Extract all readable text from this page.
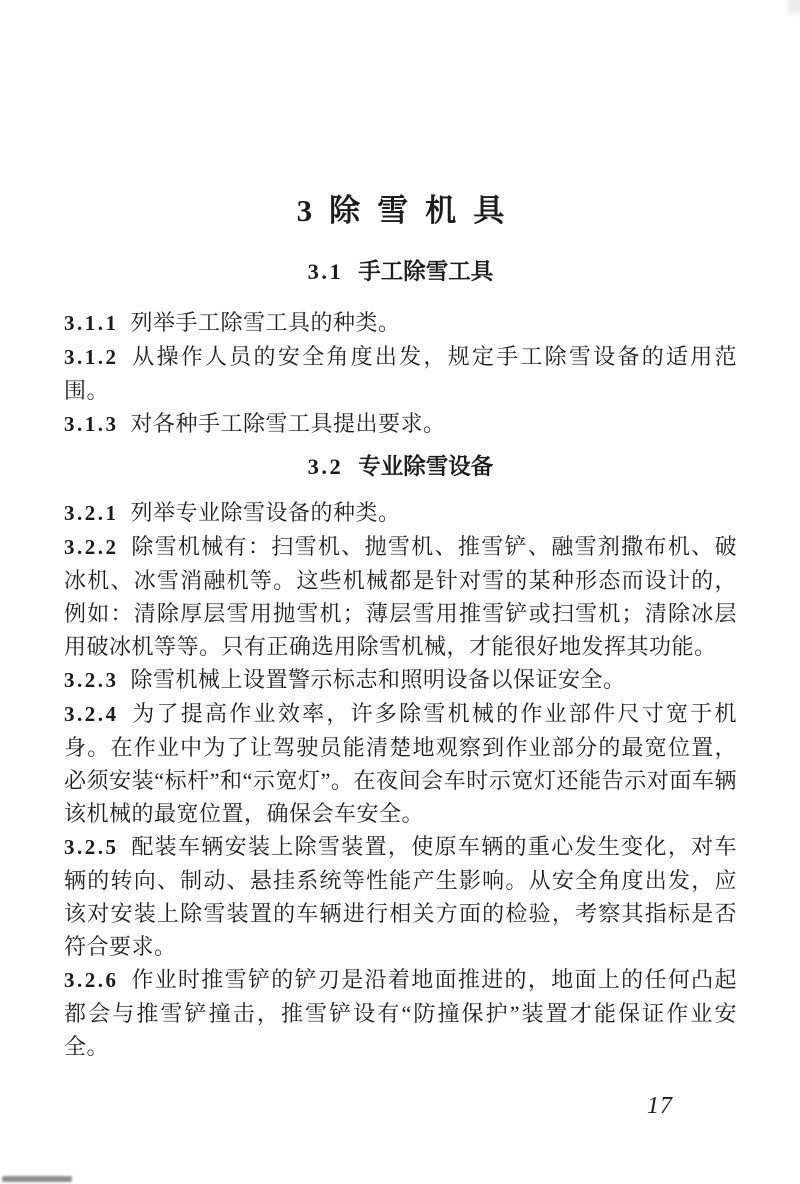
3 除雪机具
3.1 手工除雪工具

3.1.1 列举手工除雪工具的种类。

3.1.2 从操作人员的安全角度出发，规定手工除雪设备的适用范围。

3.1.3 对各种手工除雪工具提出要求。

3.2 专业除雪设备

3.2.1 列举专业除雪设备的种类。

3.2.2 除雪机械有：扫雪机、抛雪机、推雪铲、融雪剂撒布机、破冰机、冰雪消融机等。这些机械都是针对雪的某种形态而设计的，例如：清除厚层雪用抛雪机；薄层雪用推雪铲或扫雪机；清除冰层用破冰机等等。只有正确选用除雪机械，才能很好地发挥其功能。

3.2.3 除雪机械上设置警示标志和照明设备以保证安全。

3.2.4 为了提高作业效率，许多除雪机械的作业部件尺寸宽于机身。在作业中为了让驾驶员能清楚地观察到作业部分的最宽位置，必须安装“标杆”和“示宽灯”。在夜间会车时示宽灯还能告示对面车辆该机械的最宽位置，确保会车安全。

3.2.5 配装车辆安装上除雪装置，使原车辆的重心发生变化，对车辆的转向、制动、悬挂系统等性能产生影响。从安全角度出发，应该对安装上除雪装置的车辆进行相关方面的检验，考察其指标是否符合要求。

3.2.6 作业时推雪铲的铲刃是沿着地面推进的，地面上的任何凸起都会与推雪铲撞击，推雪铲设有“防撞保护”装置才能保证作业安全。

17
